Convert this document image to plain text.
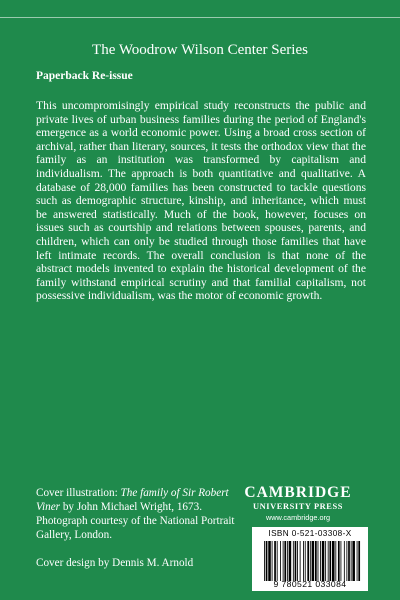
The Woodrow Wilson Center Series
Paperback Re-issue
This uncompromisingly empirical study reconstructs the public and private lives of urban business families during the period of England's emergence as a world economic power. Using a broad cross section of archival, rather than literary, sources, it tests the orthodox view that the family as an institution was transformed by capitalism and individualism. The approach is both quantitative and qualitative. A database of 28,000 families has been constructed to tackle questions such as demographic structure, kinship, and inheritance, which must be answered statistically. Much of the book, however, focuses on issues such as courtship and relations between spouses, parents, and children, which can only be studied through those families that have left intimate records. The overall conclusion is that none of the abstract models invented to explain the historical development of the family withstand empirical scrutiny and that familial capitalism, not possessive individualism, was the motor of economic growth.
Cover illustration: The family of Sir Robert Viner by John Michael Wright, 1673. Photograph courtesy of the National Portrait Gallery, London.
Cover design by Dennis M. Arnold
CAMBRIDGE
UNIVERSITY PRESS
www.cambridge.org
ISBN 0-521-03308-X
9 780521 033084
